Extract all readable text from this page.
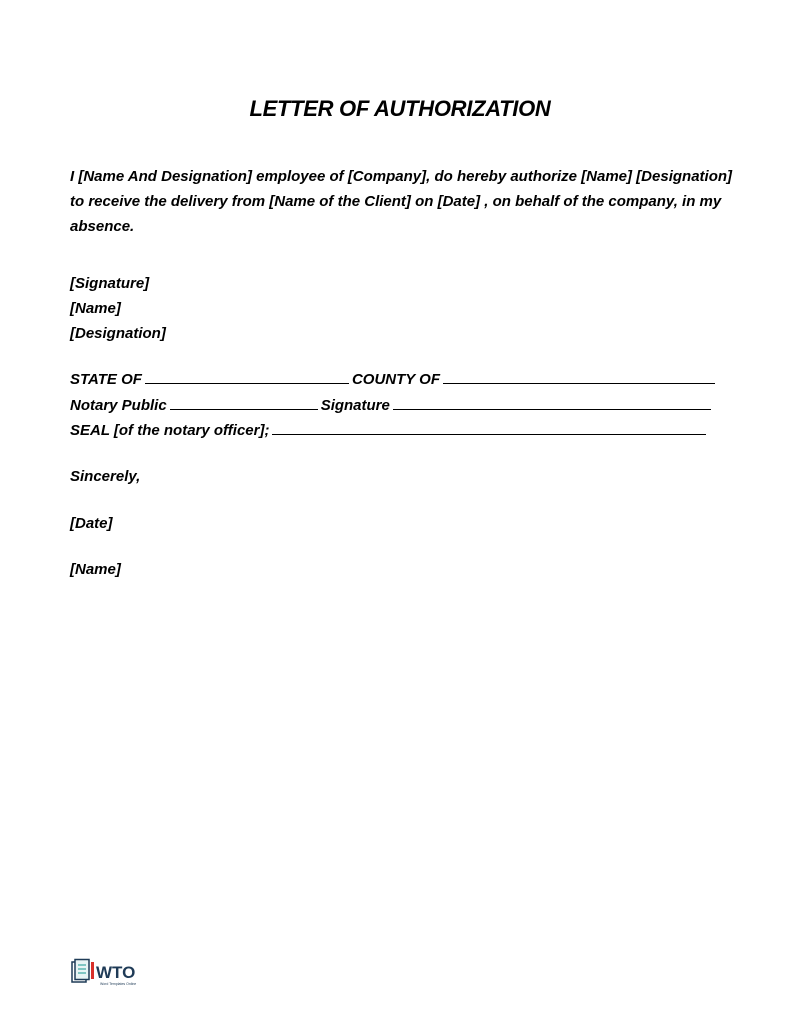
LETTER OF AUTHORIZATION
I [Name And Designation] employee of [Company], do hereby authorize [Name] [Designation] to receive the delivery from [Name of the Client] on [Date] , on behalf of the company, in my absence.
[Signature]
[Name]
[Designation]
STATE OF	COUNTY OF
Notary Public	Signature
SEAL [of the notary officer];
Sincerely,
[Date]
[Name]
WTO
Word Templates Online
